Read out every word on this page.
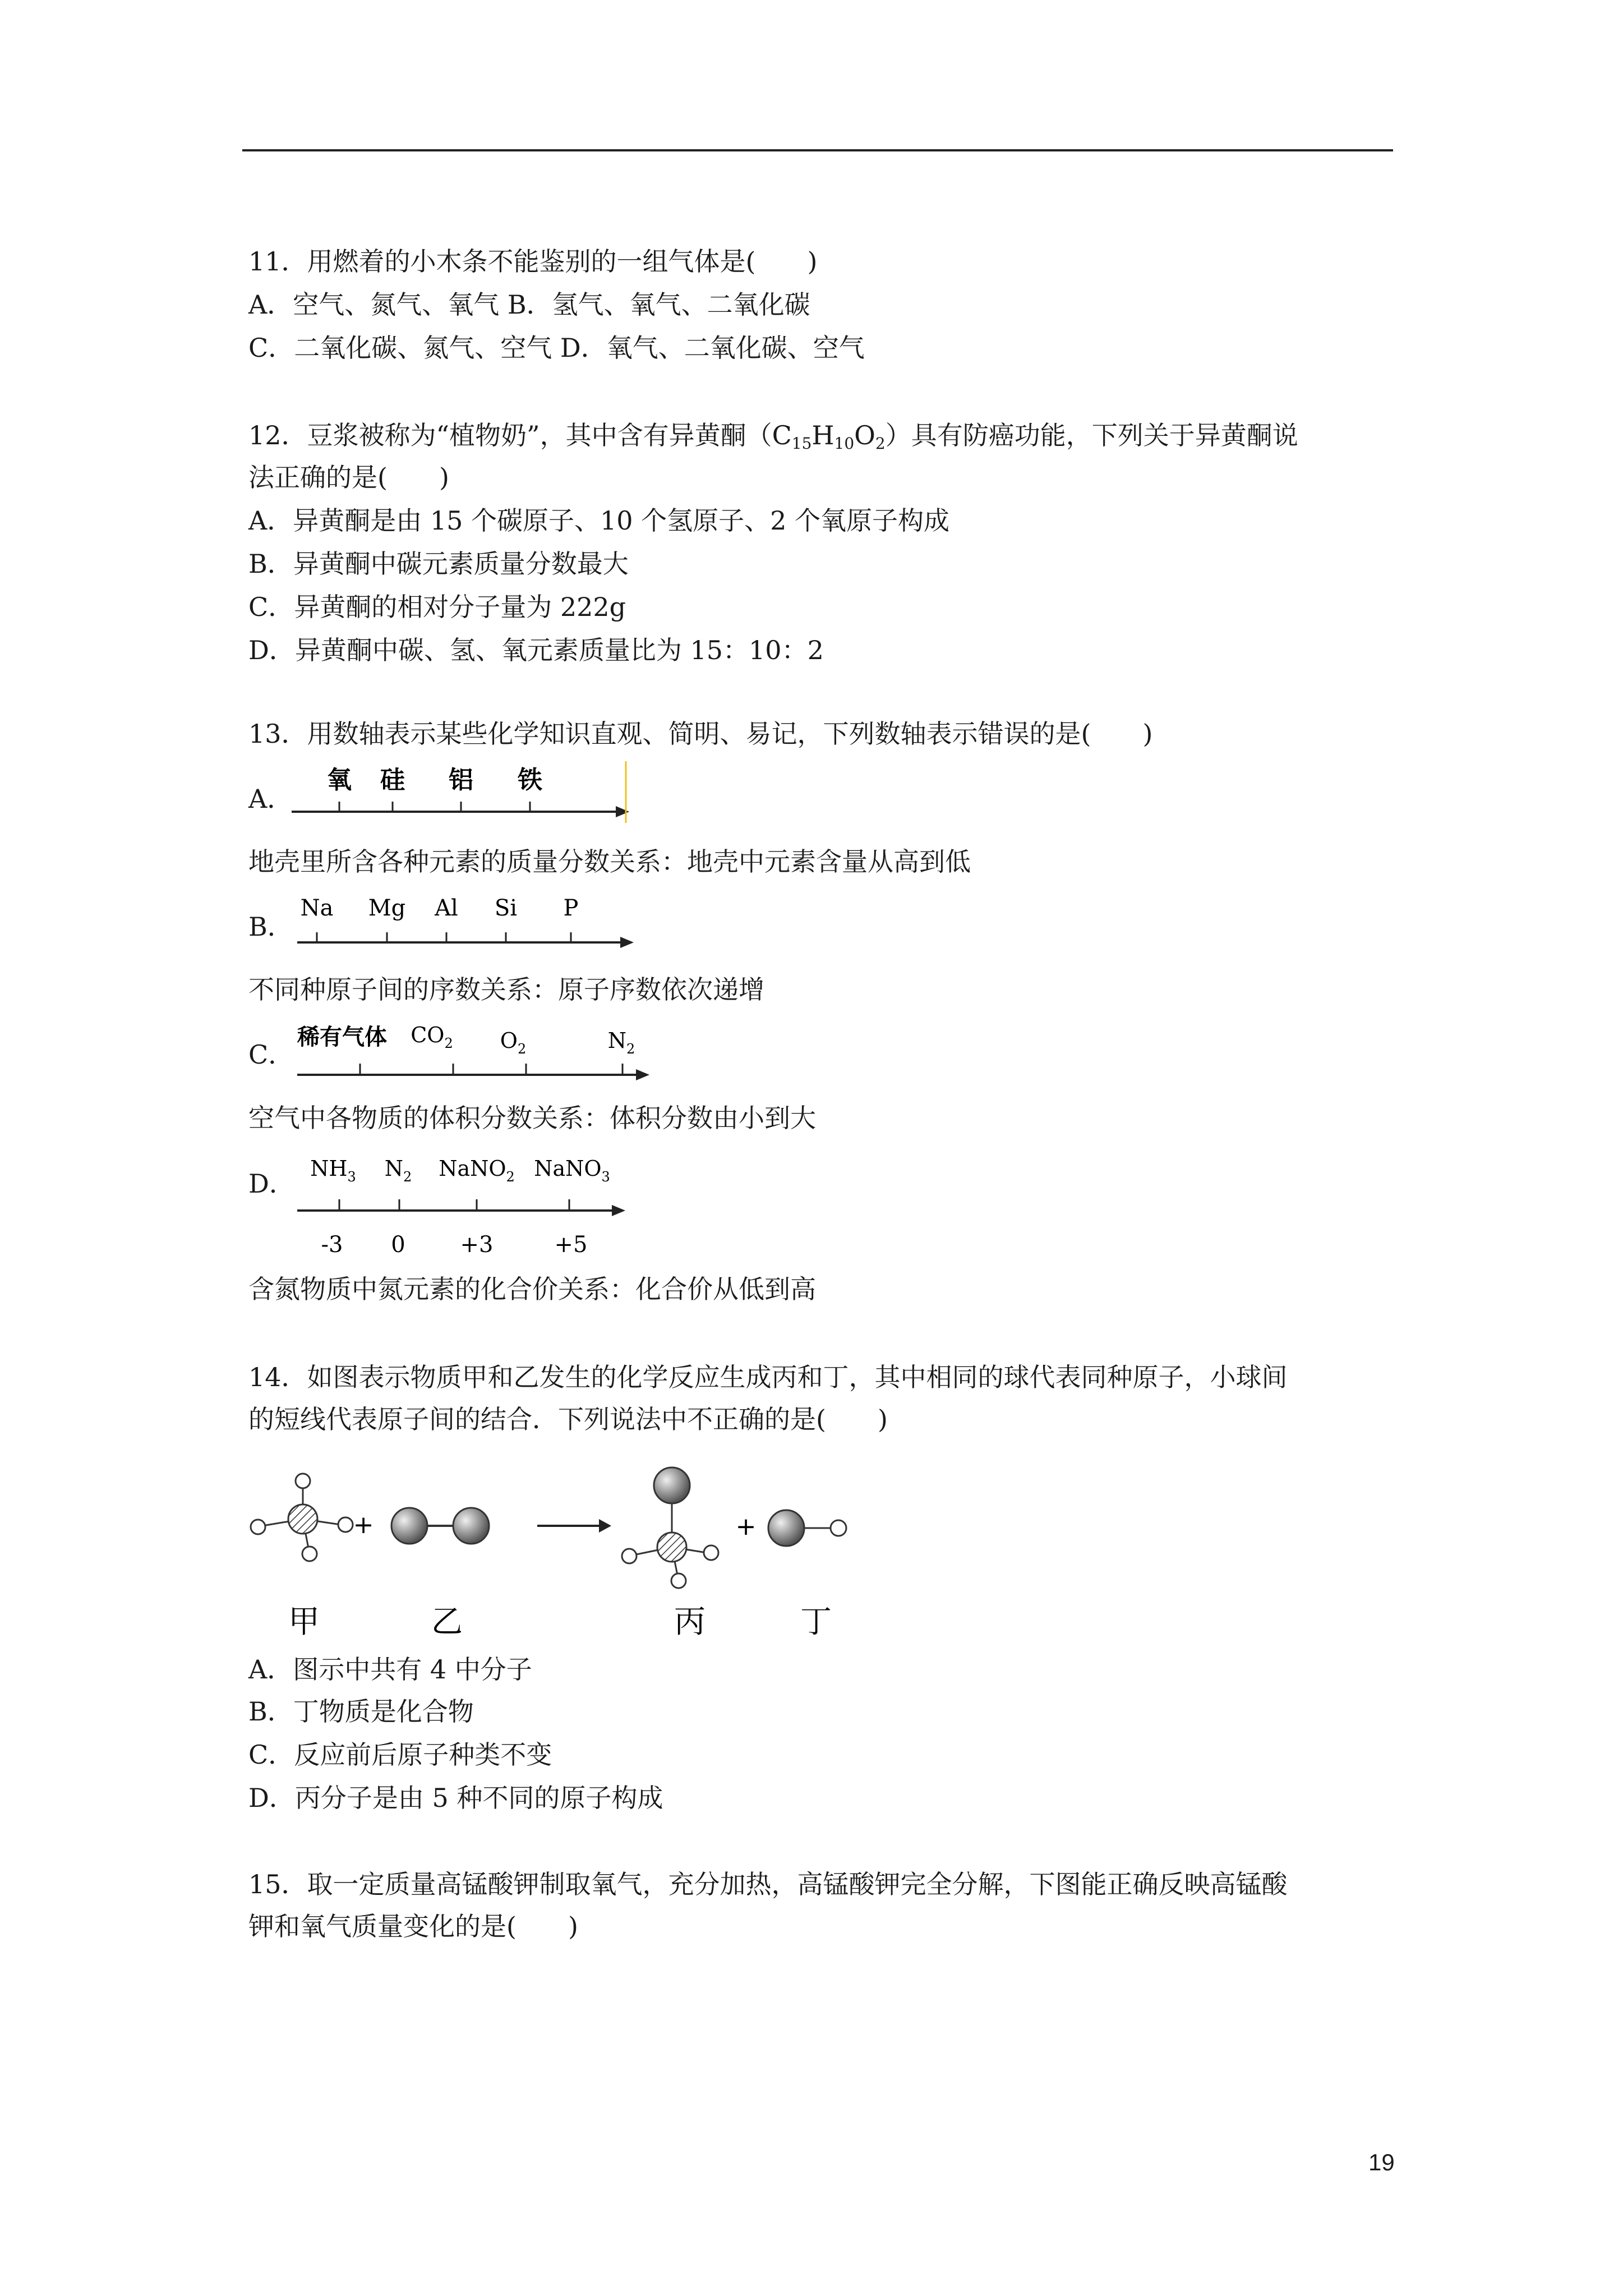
11．用燃着的小木条不能鉴别的一组气体是(　　)
A．空气、氮气、氧气 B．氢气、氧气、二氧化碳
C．二氧化碳、氮气、空气 D．氧气、二氧化碳、空气
12．豆浆被称为“植物奶”，其中含有异黄酮$(C_{15}H_{10}O_2)$具有防癌功能，下列关于异黄酮说
法正确的是(　　)
A．异黄酮是由 15 个碳原子、10 个氢原子、2 个氧原子构成
B．异黄酮中碳元素质量分数最大
C．异黄酮的相对分子量为 222g
D．异黄酮中碳、氢、氧元素质量比为 15：10：2
13．用数轴表示某些化学知识直观、简明、易记，下列数轴表示错误的是(　　)
A．
氧 硅 铝 铁
地壳里所含各种元素的质量分数关系：地壳中元素含量从高到低
B．
Na Mg Al Si P
不同种原子间的序数关系：原子序数依次递增
C．
稀有气体 $CO_2$ $O_2$	$N_2$
空气中各物质的体积分数关系：体积分数由小到大
D． $NH_3$ $N_2$ NaNO$_2$ NaNO$_3$
-3 0 +3	+5
含氮物质中氮元素的化合价关系：化合价从低到高
14．如图表示物质甲和乙发生的化学反应生成丙和丁，其中相同的球代表同种原子，小球间
的短线代表原子间的结合．下列说法中不正确的是(　　)
+	+
甲	乙	丙	丁
A．图示中共有 4 中分子
B．丁物质是化合物
C．反应前后原子种类不变
D．丙分子是由 5 种不同的原子构成
15．取一定质量高锰酸钾制取氧气，充分加热，高锰酸钾完全分解，下图能正确反映高锰酸
钾和氧气质量变化的是(　　)
19
